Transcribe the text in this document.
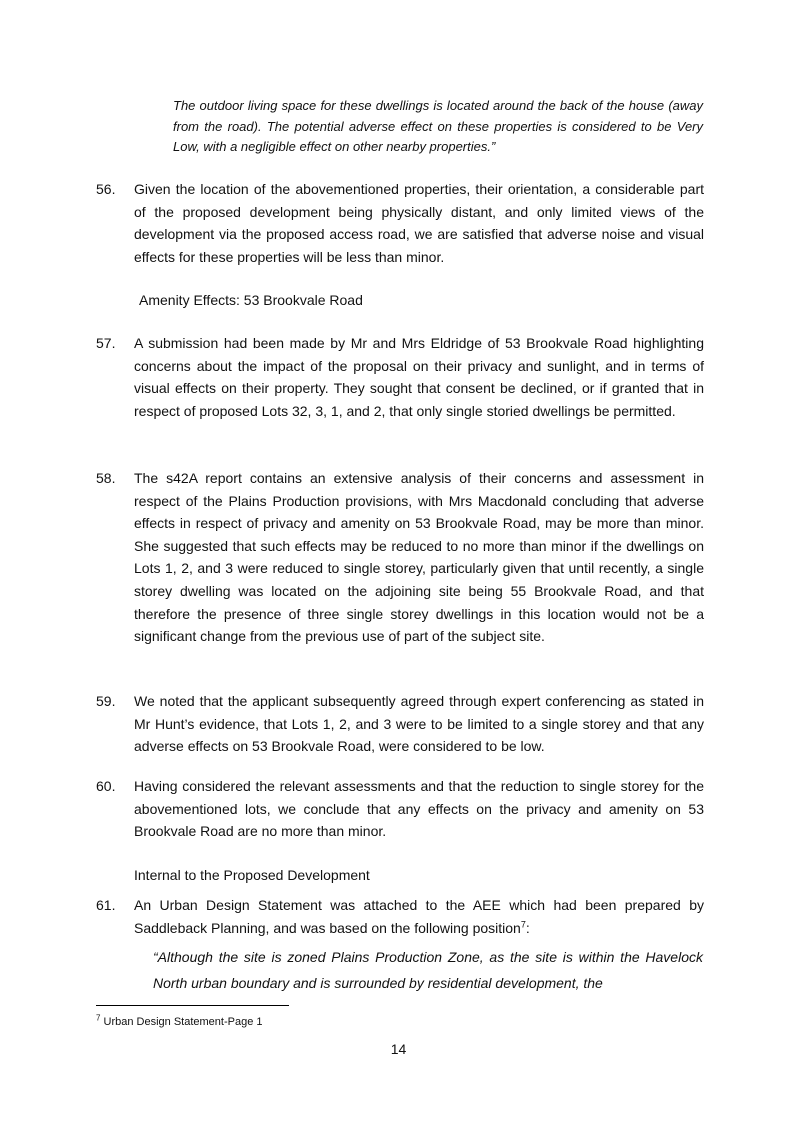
The outdoor living space for these dwellings is located around the back of the house (away from the road). The potential adverse effect on these properties is considered to be Very Low, with a negligible effect on other nearby properties.”

56.	Given the location of the abovementioned properties, their orientation, a considerable part of the proposed development being physically distant, and only limited views of the development via the proposed access road, we are satisfied that adverse noise and visual effects for these properties will be less than minor.
Amenity Effects: 53 Brookvale Road
57.	A submission had been made by Mr and Mrs Eldridge of 53 Brookvale Road highlighting concerns about the impact of the proposal on their privacy and sunlight, and in terms of visual effects on their property. They sought that consent be declined, or if granted that in respect of proposed Lots 32, 3, 1, and 2, that only single storied dwellings be permitted.
58.	The s42A report contains an extensive analysis of their concerns and assessment in respect of the Plains Production provisions, with Mrs Macdonald concluding that adverse effects in respect of privacy and amenity on 53 Brookvale Road, may be more than minor. She suggested that such effects may be reduced to no more than minor if the dwellings on Lots 1, 2, and 3 were reduced to single storey, particularly given that until recently, a single storey dwelling was located on the adjoining site being 55 Brookvale Road, and that therefore the presence of three single storey dwellings in this location would not be a significant change from the previous use of part of the subject site.
59.	We noted that the applicant subsequently agreed through expert conferencing as stated in Mr Hunt’s evidence, that Lots 1, 2, and 3 were to be limited to a single storey and that any adverse effects on 53 Brookvale Road, were considered to be low.
60.	Having considered the relevant assessments and that the reduction to single storey for the abovementioned lots, we conclude that any effects on the privacy and amenity on 53 Brookvale Road are no more than minor.
Internal to the Proposed Development
61.	An Urban Design Statement was attached to the AEE which had been prepared by Saddleback Planning, and was based on the following position$^7$:

“Although the site is zoned Plains Production Zone, as the site is within the Havelock North urban boundary and is surrounded by residential development, the

$^7$ Urban Design Statement-Page 1
14
